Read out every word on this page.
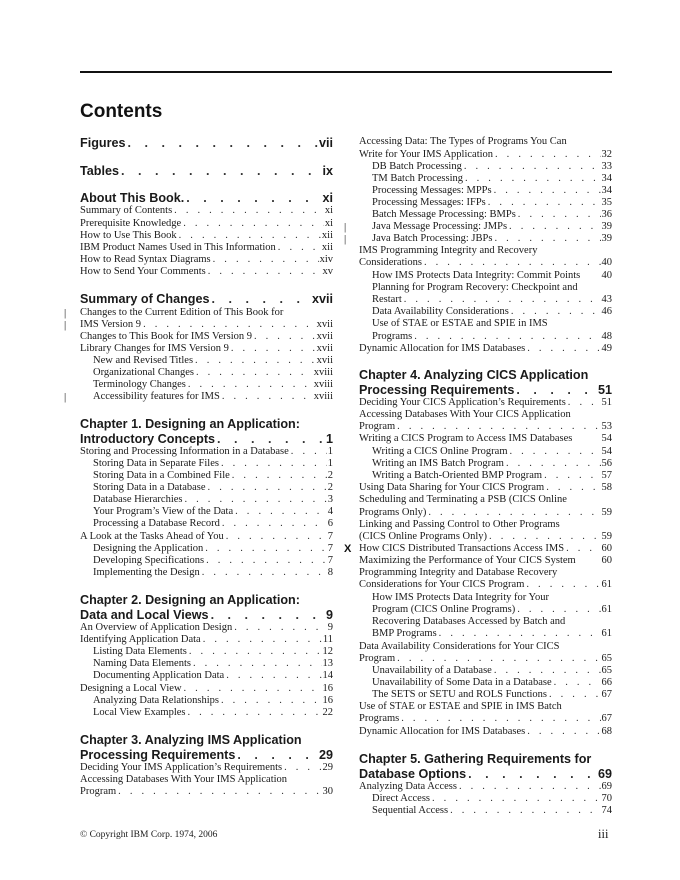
Contents
Figures . . .	vii
Tables . . .	ix
About This Book. . . .	xi
Summary of Contents . . .	xi
Prerequisite Knowledge . . .	xi
How to Use This Book . . .	xii
IBM Product Names Used in This Information . . .	xii
How to Read Syntax Diagrams . . .	xiv
How to Send Your Comments . . .	xv
Summary of Changes . . .	xvii
Changes to the Current Edition of This Book for
|
IMS Version 9 . . .	xvii
|
Changes to This Book for IMS Version 9 . . .	xvii
Library Changes for IMS Version 9 . . .	xvii
New and Revised Titles . . .	xvii
Organizational Changes . . .	xviii
Terminology Changes . . .	xviii
Accessibility features for IMS . . .	xviii
|
Chapter 1. Designing an Application:
Introductory Concepts . . .	1
Storing and Processing Information in a Database . . .	1
Storing Data in Separate Files . . .	1
Storing Data in a Combined File . . .	2
Storing Data in a Database . . .	2
Database Hierarchies . . .	3
Your Program’s View of the Data . . .	4
Processing a Database Record . . .	6
A Look at the Tasks Ahead of You . . .	7
Designing the Application . . .	7
Developing Specifications . . .	7
Implementing the Design . . .	8
Chapter 2. Designing an Application:
Data and Local Views . . .	9
An Overview of Application Design . . .	9
Identifying Application Data . . .	11
Listing Data Elements . . .	12
Naming Data Elements . . .	13
Documenting Application Data . . .	14
Designing a Local View . . .	16
Analyzing Data Relationships . . .	16
Local View Examples . . .	22
Chapter 3. Analyzing IMS Application
Processing Requirements . . .	29
Deciding Your IMS Application’s Requirements . . .	29
Accessing Databases With Your IMS Application
Program . . .	30
Accessing Data: The Types of Programs You Can
Write for Your IMS Application . . .	32
DB Batch Processing . . .	33
TM Batch Processing . . .	34
Processing Messages: MPPs . . .	34
Processing Messages: IFPs . . .	35
Batch Message Processing: BMPs . . .	36
Java Message Processing: JMPs . . .	39
|
Java Batch Processing: JBPs . . .	39
|
IMS Programming Integrity and Recovery
Considerations . . .	40
How IMS Protects Data Integrity: Commit Points 40
Planning for Program Recovery: Checkpoint and
Restart . . .	43
Data Availability Considerations . . .	46
Use of STAE or ESTAE and SPIE in IMS
Programs . . .	48
Dynamic Allocation for IMS Databases . . .	49
Chapter 4. Analyzing CICS Application
Processing Requirements . . .	51
Deciding Your CICS Application’s Requirements . . .	51
Accessing Databases With Your CICS Application
Program . . .	53
Writing a CICS Program to Access IMS Databases	54
Writing a CICS Online Program . . .	54
Writing an IMS Batch Program . . .	56
Writing a Batch-Oriented BMP Program . . .	57
Using Data Sharing for Your CICS Program . . .	58
Scheduling and Terminating a PSB (CICS Online
Programs Only) . . .	59
Linking and Passing Control to Other Programs
(CICS Online Programs Only) . . .	59
How CICS Distributed Transactions Access IMS . . .	60
X
Maximizing the Performance of Your CICS System 60
Programming Integrity and Database Recovery
Considerations for Your CICS Program . . .	61
How IMS Protects Data Integrity for Your
Program (CICS Online Programs) . . .	61
Recovering Databases Accessed by Batch and
BMP Programs . . .	61
Data Availability Considerations for Your CICS
Program . . .	65
Unavailability of a Database . . .	65
Unavailability of Some Data in a Database . . .	66
The SETS or SETU and ROLS Functions . . .	67
Use of STAE or ESTAE and SPIE in IMS Batch
Programs . . .	67
Dynamic Allocation for IMS Databases . . .	68
Chapter 5. Gathering Requirements for
Database Options . . .	69
Analyzing Data Access . . .	69
Direct Access . . .	70
Sequential Access . . .	74
© Copyright IBM Corp. 1974, 2006	iii
